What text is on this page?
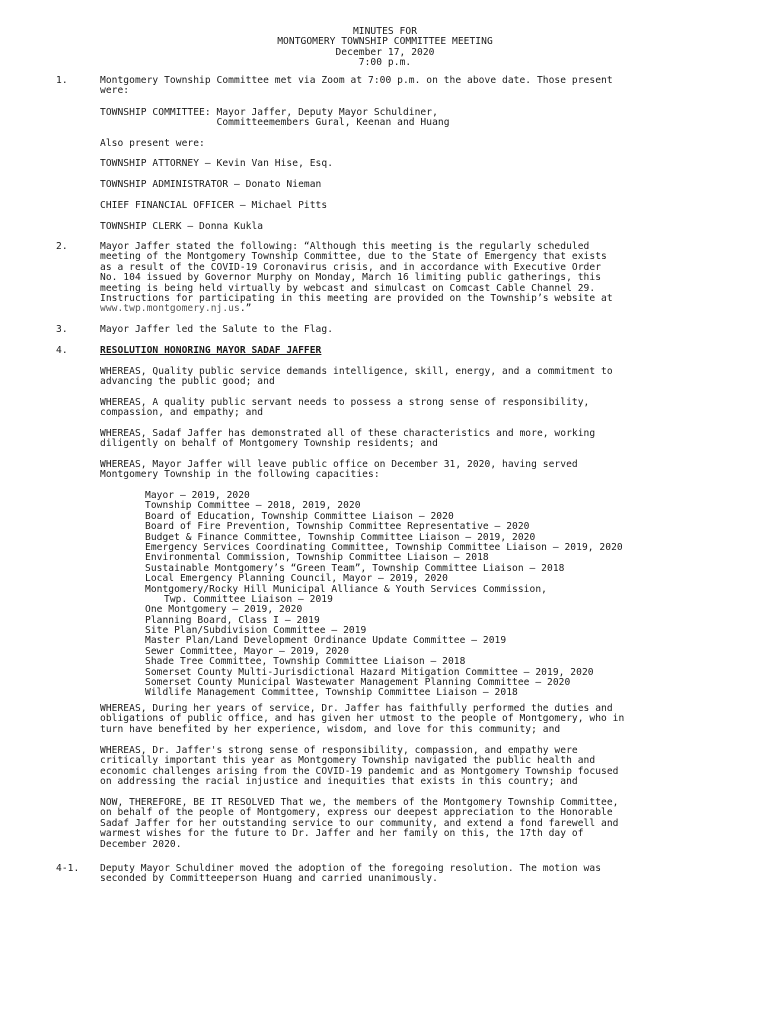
MINUTES FOR
MONTGOMERY TOWNSHIP COMMITTEE MEETING
December 17, 2020
7:00 p.m.
1.	Montgomery Township Committee met via Zoom at 7:00 p.m. on the above date. Those present
were:
TOWNSHIP COMMITTEE: Mayor Jaffer, Deputy Mayor Schuldiner,
Committeemembers Gural, Keenan and Huang
Also present were:
TOWNSHIP ATTORNEY – Kevin Van Hise, Esq.
TOWNSHIP ADMINISTRATOR – Donato Nieman
CHIEF FINANCIAL OFFICER – Michael Pitts
TOWNSHIP CLERK – Donna Kukla
2.	Mayor Jaffer stated the following: “Although this meeting is the regularly scheduled
meeting of the Montgomery Township Committee, due to the State of Emergency that exists
as a result of the COVID-19 Coronavirus crisis, and in accordance with Executive Order
No. 104 issued by Governor Murphy on Monday, March 16 limiting public gatherings, this
meeting is being held virtually by webcast and simulcast on Comcast Cable Channel 29.
Instructions for participating in this meeting are provided on the Township’s website at
www.twp.montgomery.nj.us.”
3.	Mayor Jaffer led the Salute to the Flag.
4.	RESOLUTION HONORING MAYOR SADAF JAFFER
WHEREAS, Quality public service demands intelligence, skill, energy, and a commitment to
advancing the public good; and
WHEREAS, A quality public servant needs to possess a strong sense of responsibility,
compassion, and empathy; and
WHEREAS, Sadaf Jaffer has demonstrated all of these characteristics and more, working
diligently on behalf of Montgomery Township residents; and
WHEREAS, Mayor Jaffer will leave public office on December 31, 2020, having served
Montgomery Township in the following capacities:
Mayor – 2019, 2020
Township Committee – 2018, 2019, 2020
Board of Education, Township Committee Liaison – 2020
Board of Fire Prevention, Township Committee Representative – 2020
Budget & Finance Committee, Township Committee Liaison – 2019, 2020
Emergency Services Coordinating Committee, Township Committee Liaison – 2019, 2020
Environmental Commission, Township Committee Liaison – 2018
Sustainable Montgomery’s “Green Team”, Township Committee Liaison – 2018
Local Emergency Planning Council, Mayor – 2019, 2020
Montgomery/Rocky Hill Municipal Alliance & Youth Services Commission,
Twp. Committee Liaison – 2019
One Montgomery – 2019, 2020
Planning Board, Class I – 2019
Site Plan/Subdivision Committee – 2019
Master Plan/Land Development Ordinance Update Committee – 2019
Sewer Committee, Mayor – 2019, 2020
Shade Tree Committee, Township Committee Liaison – 2018
Somerset County Multi-Jurisdictional Hazard Mitigation Committee – 2019, 2020
Somerset County Municipal Wastewater Management Planning Committee – 2020
Wildlife Management Committee, Township Committee Liaison – 2018
WHEREAS, During her years of service, Dr. Jaffer has faithfully performed the duties and
obligations of public office, and has given her utmost to the people of Montgomery, who in
turn have benefited by her experience, wisdom, and love for this community; and
WHEREAS, Dr. Jaffer's strong sense of responsibility, compassion, and empathy were
critically important this year as Montgomery Township navigated the public health and
economic challenges arising from the COVID-19 pandemic and as Montgomery Township focused
on addressing the racial injustice and inequities that exists in this country; and
NOW, THEREFORE, BE IT RESOLVED That we, the members of the Montgomery Township Committee,
on behalf of the people of Montgomery, express our deepest appreciation to the Honorable
Sadaf Jaffer for her outstanding service to our community, and extend a fond farewell and
warmest wishes for the future to Dr. Jaffer and her family on this, the 17th day of
December 2020.
4-1. Deputy Mayor Schuldiner moved the adoption of the foregoing resolution. The motion was
seconded by Committeeperson Huang and carried unanimously.
